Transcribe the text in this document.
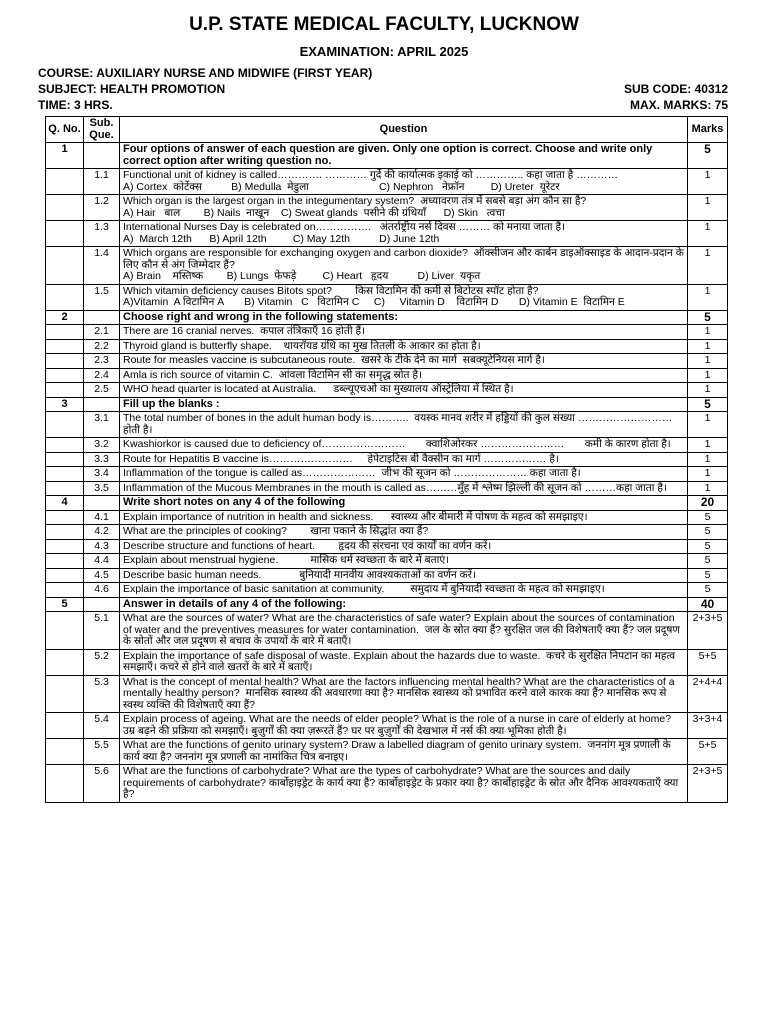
U.P. STATE MEDICAL FACULTY, LUCKNOW
EXAMINATION: APRIL 2025
COURSE: AUXILIARY NURSE AND MIDWIFE (FIRST YEAR)
SUBJECT: HEALTH PROMOTION	SUB CODE: 40312
TIME: 3 HRS.	MAX. MARKS: 75
Q. No.	Sub. Que.	Question	Marks
1		Four options of answer of each question are given. Only one option is correct. Choose and write only correct option after writing question no.	5
	1.1	Functional unit of kidney is called…………. ………… गुर्दे की कार्यात्मक इकाई को ………….. कहा जाता है …………
A) Cortex  कोर्टेक्स          B) Medulla  मेडुला                        C) Nephron   नेफ्रॉन         D) Ureter  यूरेटर	1
	1.2	Which organ is the largest organ in the integumentary system?  अध्यावरण तंत्र में सबसे बड़ा अंग कौन सा है?
A) Hair   बाल        B) Nails  नाखून    C) Sweat glands  पसीने की ग्रंथियाँ      D) Skin   त्वचा	1
	1.3	International Nurses Day is celebrated on…………….   अंतर्राष्ट्रीय नर्स दिवस ……… को मनाया जाता है।
A)  March 12th      B) April 12th         C) May 12th          D) June 12th	1
	1.4	Which organs are responsible for exchanging oxygen and carbon dioxide?  ऑक्सीजन और कार्बन डाइऑक्साइड के आदान-प्रदान के लिए कौन से अंग जिम्मेदार हैं?
A) Brain    मस्तिष्क        B) Lungs  फेफड़े         C) Heart   हृदय          D) Liver  यकृत	1
	1.5	Which vitamin deficiency causes Bitots spot?        किस विटामिन की कमी से बिटोटस स्पॉट होता है?
A)Vitamin  A विटामिन A       B) Vitamin   C   विटामिन C     C)     Vitamin D    विटामिन D       D) Vitamin E  विटामिन E	1
2		Choose right and wrong in the following statements:	5
	2.1	There are 16 cranial nerves.  कपाल तंत्रिकाएँ 16 होती हैं।	1
	2.2	Thyroid gland is butterfly shape.    थायरॉयड ग्रंथि का मुख तितली के आकार का होता है।	1
	2.3	Route for measles vaccine is subcutaneous route.  खसरे के टीके देने का मार्ग  सबक्यूटेनियस मार्ग है।	1
	2.4	Amla is rich source of vitamin C.  आंवला विटामिन सी का समृद्ध स्रोत है।	1
	2.5	WHO head quarter is located at Australia.      डब्ल्यूएचओ का मुख्यालय ऑस्ट्रेलिया में स्थित है।	1
3		Fill up the blanks :	5
	3.1	The total number of bones in the adult human body is………..  वयस्क मानव शरीर में हड्डियों की कुल संख्या ……………………… होती है।	1
	3.2	Kwashiorkor is caused due to deficiency of……………………       क्वाशिओरकर ……………………       कमी के कारण होता है।	1
	3.3	Route for Hepatitis B vaccine is……………………     हेपेटाइटिस बी वैक्सीन का मार्ग ……………… है।	1
	3.4	Inflammation of the tongue is called as…………………  जीभ की सूजन को ………………… कहा जाता है।	1
	3.5	Inflammation of the Mucous Membranes in the mouth is called as………मुँह में श्लेष्म झिल्ली की सूजन को ………कहा जाता है।	1
4		Write short notes on any 4 of the following	20
	4.1	Explain importance of nutrition in health and sickness.      स्वास्थ्य और बीमारी में पोषण के महत्व को समझाइए।	5
	4.2	What are the principles of cooking?        खाना पकाने के सिद्धांत क्या हैं?	5
	4.3	Describe structure and functions of heart.        हृदय की संरचना एवं कार्यों का वर्णन करें।	5
	4.4	Explain about menstrual hygiene.           मासिक धर्म स्वच्छता के बारे में बताएं।	5
	4.5	Describe basic human needs.             बुनियादी मानवीय आवश्यकताओं का वर्णन करें।	5
	4.6	Explain the importance of basic sanitation at community.         समुदाय में बुनियादी स्वच्छता के महत्व को समझाइए।	5
5		Answer in details of any 4 of the following:	40
	5.1	What are the sources of water? What are the characteristics of safe water? Explain about the sources of contamination of water and the preventives measures for water contamination.  जल के स्रोत क्या हैं? सुरक्षित जल की विशेषताएँ क्या हैं? जल प्रदूषण के स्रोतों और जल प्रदूषण से बचाव के उपायों के बारे में बताएँ।	2+3+5
	5.2	Explain the importance of safe disposal of waste. Explain about the hazards due to waste.  कचरे के सुरक्षित निपटान का महत्व समझाएँ। कचरे से होने वाले खतरों के बारे में बताएँ।	5+5
	5.3	What is the concept of mental health? What are the factors influencing mental health? What are the characteristics of a mentally healthy person?  मानसिक स्वास्थ्य की अवधारणा क्या है? मानसिक स्वास्थ्य को प्रभावित करने वाले कारक क्या हैं? मानसिक रूप से स्वस्थ व्यक्ति की विशेषताएँ क्या हैं?	2+4+4
	5.4	Explain process of ageing. What are the needs of elder people? What is the role of a nurse in care of elderly at home?  उम्र बढ़ने की प्रक्रिया को समझाएँ। बुज़ुर्गों की क्या ज़रूरतें हैं? घर पर बुज़ुर्गों की देखभाल में नर्स की क्या भूमिका होती है।	3+3+4
	5.5	What are the functions of genito urinary system? Draw a labelled diagram of genito urinary system.  जननांग मूत्र प्रणाली के कार्य क्या है? जननांग मूत्र प्रणाली का नामांकित चित्र बनाइए।	5+5
	5.6	What are the functions of carbohydrate? What are the types of carbohydrate? What are the sources and daily requirements of carbohydrate? कार्बोहाइड्रेट के कार्य क्या है? कार्बोहाइड्रेट के प्रकार क्या है? कार्बोहाइड्रेट के स्रोत और दैनिक आवश्यकताएँ क्या है?	2+3+5
